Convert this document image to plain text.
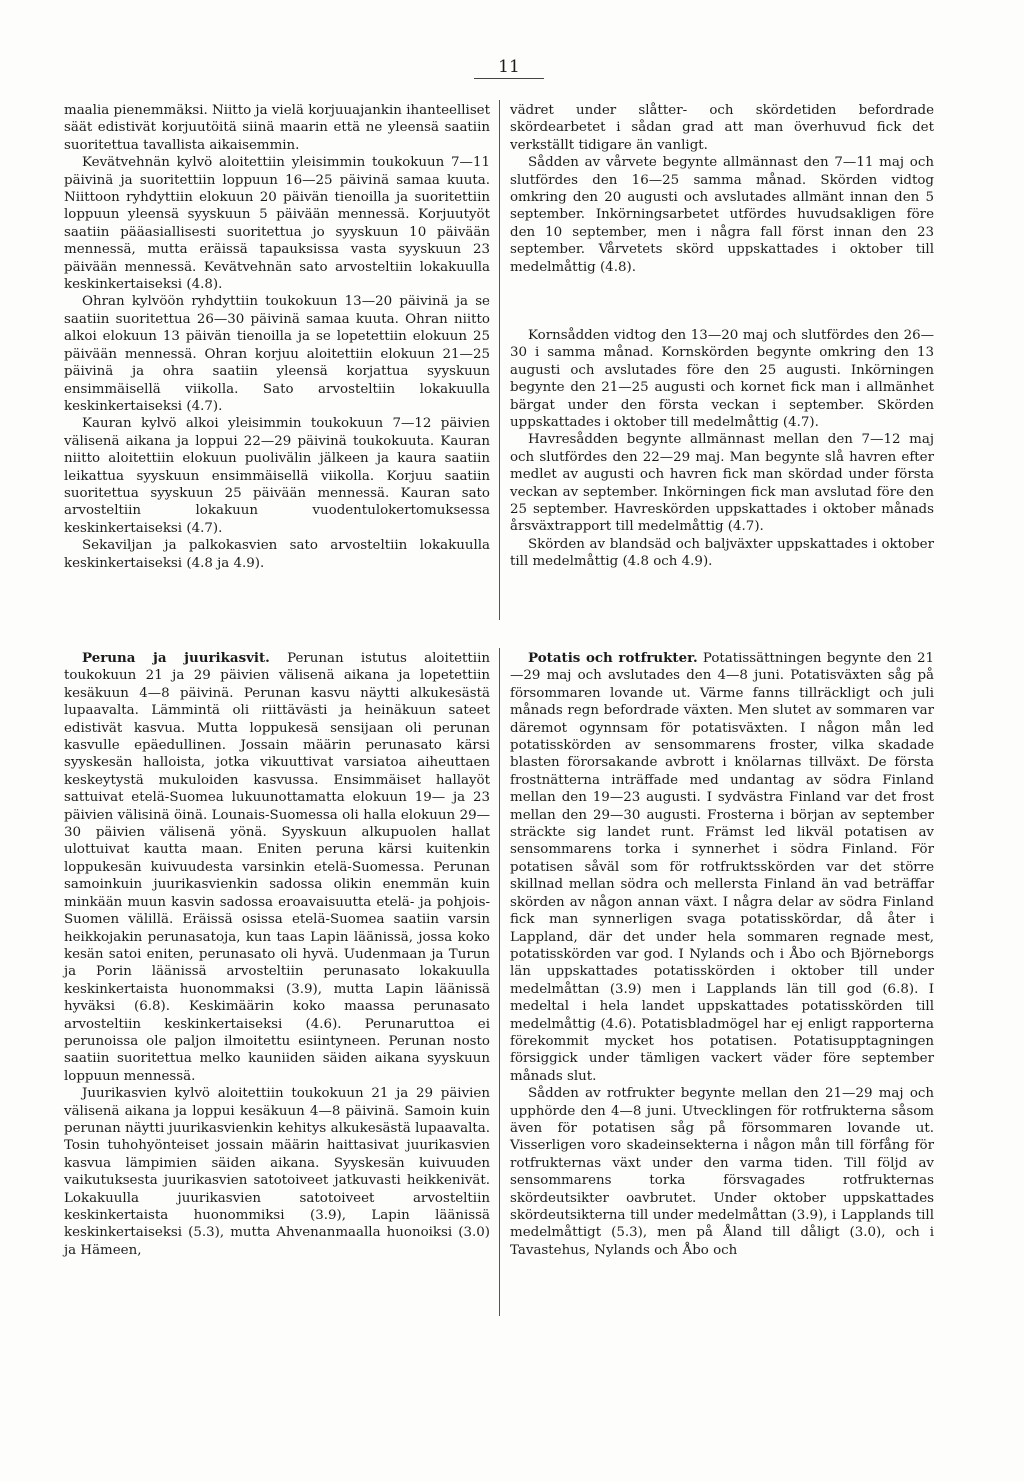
11

maalia pienemmäksi. Niitto ja vielä korjuuajankin ihanteelliset säät edistivät korjuutöitä siinä maarin että ne yleensä saatiin suoritettua tavallista aikaisemmin.

Kevätvehnän kylvö aloitettiin yleisimmin toukokuun 7—11 päivinä ja suoritettiin loppuun 16—25 päivinä samaa kuuta. Niittoon ryhdyttiin elokuun 20 päivän tienoilla ja suoritettiin loppuun yleensä syyskuun 5 päivään mennessä. Korjuutyöt saatiin pääasiallisesti suoritettua jo syyskuun 10 päivään mennessä, mutta eräissä tapauksissa vasta syyskuun 23 päivään mennessä. Kevätvehnän sato arvosteltiin lokakuulla keskinkertaiseksi (4.8).

Ohran kylvöön ryhdyttiin toukokuun 13—20 päivinä ja se saatiin suoritettua 26—30 päivinä samaa kuuta. Ohran niitto alkoi elokuun 13 päivän tienoilla ja se lopetettiin elokuun 25 päivään mennessä. Ohran korjuu aloitettiin elokuun 21—25 päivinä ja ohra saatiin yleensä korjattua syyskuun ensimmäisellä viikolla. Sato arvosteltiin lokakuulla keskinkertaiseksi (4.7).

Kauran kylvö alkoi yleisimmin toukokuun 7—12 päivien välisenä aikana ja loppui 22—29 päivinä toukokuuta. Kauran niitto aloitettiin elokuun puolivälin jälkeen ja kaura saatiin leikattua syyskuun ensimmäisellä viikolla. Korjuu saatiin suoritettua syyskuun 25 päivään mennessä. Kauran sato arvosteltiin lokakuun vuodentulokertomuksessa keskinkertaiseksi (4.7).

Sekaviljan ja palkokasvien sato arvosteltiin lokakuulla keskinkertaiseksi (4.8 ja 4.9).

Peruna ja juurikasvit. Perunan istutus aloitettiin toukokuun 21 ja 29 päivien välisenä aikana ja lopetettiin kesäkuun 4—8 päivinä. Perunan kasvu näytti alkukesästä lupaavalta. Lämmintä oli riittävästi ja heinäkuun sateet edistivät kasvua. Mutta loppukesä sensijaan oli perunan kasvulle epäedullinen. Jossain määrin perunasato kärsi syyskesän halloista, jotka vikuuttivat varsiatoa aiheuttaen keskeytystä mukuloiden kasvussa. Ensimmäiset hallayöt sattuivat etelä-Suomea lukuunottamatta elokuun 19— ja 23 päivien välisinä öinä. Lounais-Suomessa oli halla elokuun 29—30 päivien välisenä yönä. Syyskuun alkupuolen hallat ulottuivat kautta maan. Eniten peruna kärsi kuitenkin loppukesän kuivuudesta varsinkin etelä-Suomessa. Perunan samoinkuin juurikasvienkin sadossa olikin enemmän kuin minkään muun kasvin sadossa eroavaisuutta etelä- ja pohjois-Suomen välillä. Eräissä osissa etelä-Suomea saatiin varsin heikkojakin perunasatoja, kun taas Lapin läänissä, jossa koko kesän satoi eniten, perunasato oli hyvä. Uudenmaan ja Turun ja Porin läänissä arvosteltiin perunasato lokakuulla keskinkertaista huonommaksi (3.9), mutta Lapin läänissä hyväksi (6.8). Keskimäärin koko maassa perunasato arvosteltiin keskinkertaiseksi (4.6). Perunaruttoa ei perunoissa ole paljon ilmoitettu esiintyneen. Perunan nosto saatiin suoritettua melko kauniiden säiden aikana syyskuun loppuun mennessä.

Juurikasvien kylvö aloitettiin toukokuun 21 ja 29 päivien välisenä aikana ja loppui kesäkuun 4—8 päivinä. Samoin kuin perunan näytti juurikasvienkin kehitys alkukesästä lupaavalta. Tosin tuhohyönteiset jossain määrin haittasivat juurikasvien kasvua lämpimien säiden aikana. Syyskesän kuivuuden vaikutuksesta juurikasvien satotoiveet jatkuvasti heikkenivät. Lokakuulla juurikasvien satotoiveet arvosteltiin keskinkertaista huonommiksi (3.9), Lapin läänissä keskinkertaiseksi (5.3), mutta Ahvenanmaalla huonoiksi (3.0) ja Hämeen,

vädret under slåtter- och skördetiden befordrade skördearbetet i sådan grad att man överhuvud fick det verkställt tidigare än vanligt.

Sådden av vårvete begynte allmännast den 7—11 maj och slutfördes den 16—25 samma månad. Skörden vidtog omkring den 20 augusti och avslutades allmänt innan den 5 september. Inkörningsarbetet utfördes huvudsakligen före den 10 september, men i några fall först innan den 23 september. Vårvetets skörd uppskattades i oktober till medelmåttig (4.8).

Kornsådden vidtog den 13—20 maj och slutfördes den 26—30 i samma månad. Kornskörden begynte omkring den 13 augusti och avslutades före den 25 augusti. Inkörningen begynte den 21—25 augusti och kornet fick man i allmänhet bärgat under den första veckan i september. Skörden uppskattades i oktober till medelmåttig (4.7).

Havresådden begynte allmännast mellan den 7—12 maj och slutfördes den 22—29 maj. Man begynte slå havren efter medlet av augusti och havren fick man skördad under första veckan av september. Inkörningen fick man avslutad före den 25 september. Havreskörden uppskattades i oktober månads årsväxtrapport till medelmåttig (4.7).

Skörden av blandsäd och baljväxter uppskattades i oktober till medelmåttig (4.8 och 4.9).

Potatis och rotfrukter. Potatissättningen begynte den 21—29 maj och avslutades den 4—8 juni. Potatisväxten såg på försommaren lovande ut. Värme fanns tillräckligt och juli månads regn befordrade växten. Men slutet av sommaren var däremot ogynnsam för potatisväxten. I någon mån led potatisskörden av sensommarens froster, vilka skadade blasten förorsakande avbrott i knölarnas tillväxt. De första frostnätterna inträffade med undantag av södra Finland mellan den 19—23 augusti. I sydvästra Finland var det frost mellan den 29—30 augusti. Frosterna i början av september sträckte sig landet runt. Främst led likväl potatisen av sensommarens torka i synnerhet i södra Finland. För potatisen såväl som för rotfruktsskörden var det större skillnad mellan södra och mellersta Finland än vad beträffar skörden av någon annan växt. I några delar av södra Finland fick man synnerligen svaga potatisskördar, då åter i Lappland, där det under hela sommaren regnade mest, potatisskörden var god. I Nylands och i Åbo och Björneborgs län uppskattades potatisskörden i oktober till under medelmåttan (3.9) men i Lapplands län till god (6.8). I medeltal i hela landet uppskattades potatisskörden till medelmåttig (4.6). Potatisbladmögel har ej enligt rapporterna förekommit mycket hos potatisen. Potatisupptagningen försiggick under tämligen vackert väder före september månads slut.

Sådden av rotfrukter begynte mellan den 21—29 maj och upphörde den 4—8 juni. Utvecklingen för rotfrukterna såsom även för potatisen såg på försommaren lovande ut. Visserligen voro skadeinsekterna i någon mån till förfång för rotfrukternas växt under den varma tiden. Till följd av sensommarens torka försvagades rotfrukternas skördeutsikter oavbrutet. Under oktober uppskattades skördeutsikterna till under medelmåttan (3.9), i Lapplands till medelmåttigt (5.3), men på Åland till dåligt (3.0), och i Tavastehus, Nylands och Åbo och
